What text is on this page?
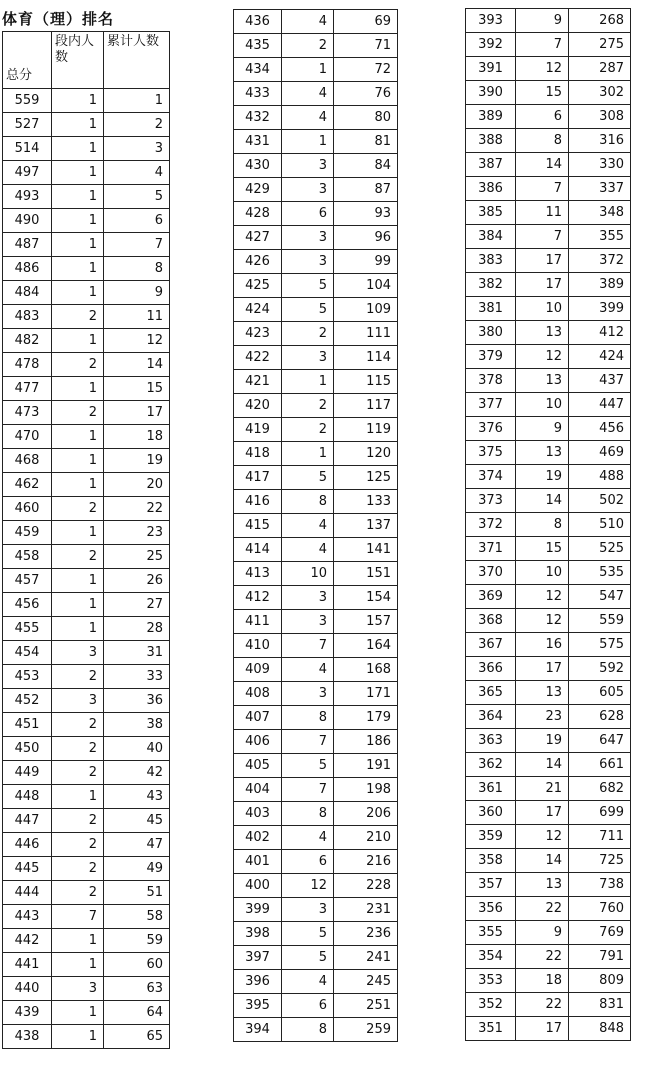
体育（理）排名
总分	段内人数	累计人数
559	1	1
527	1	2
514	1	3
497	1	4
493	1	5
490	1	6
487	1	7
486	1	8
484	1	9
483	2	11
482	1	12
478	2	14
477	1	15
473	2	17
470	1	18
468	1	19
462	1	20
460	2	22
459	1	23
458	2	25
457	1	26
456	1	27
455	1	28
454	3	31
453	2	33
452	3	36
451	2	38
450	2	40
449	2	42
448	1	43
447	2	45
446	2	47
445	2	49
444	2	51
443	7	58
442	1	59
441	1	60
440	3	63
439	1	64
438	1	65
436	4	69
435	2	71
434	1	72
433	4	76
432	4	80
431	1	81
430	3	84
429	3	87
428	6	93
427	3	96
426	3	99
425	5	104
424	5	109
423	2	111
422	3	114
421	1	115
420	2	117
419	2	119
418	1	120
417	5	125
416	8	133
415	4	137
414	4	141
413	10	151
412	3	154
411	3	157
410	7	164
409	4	168
408	3	171
407	8	179
406	7	186
405	5	191
404	7	198
403	8	206
402	4	210
401	6	216
400	12	228
399	3	231
398	5	236
397	5	241
396	4	245
395	6	251
394	8	259
393	9	268
392	7	275
391	12	287
390	15	302
389	6	308
388	8	316
387	14	330
386	7	337
385	11	348
384	7	355
383	17	372
382	17	389
381	10	399
380	13	412
379	12	424
378	13	437
377	10	447
376	9	456
375	13	469
374	19	488
373	14	502
372	8	510
371	15	525
370	10	535
369	12	547
368	12	559
367	16	575
366	17	592
365	13	605
364	23	628
363	19	647
362	14	661
361	21	682
360	17	699
359	12	711
358	14	725
357	13	738
356	22	760
355	9	769
354	22	791
353	18	809
352	22	831
351	17	848
